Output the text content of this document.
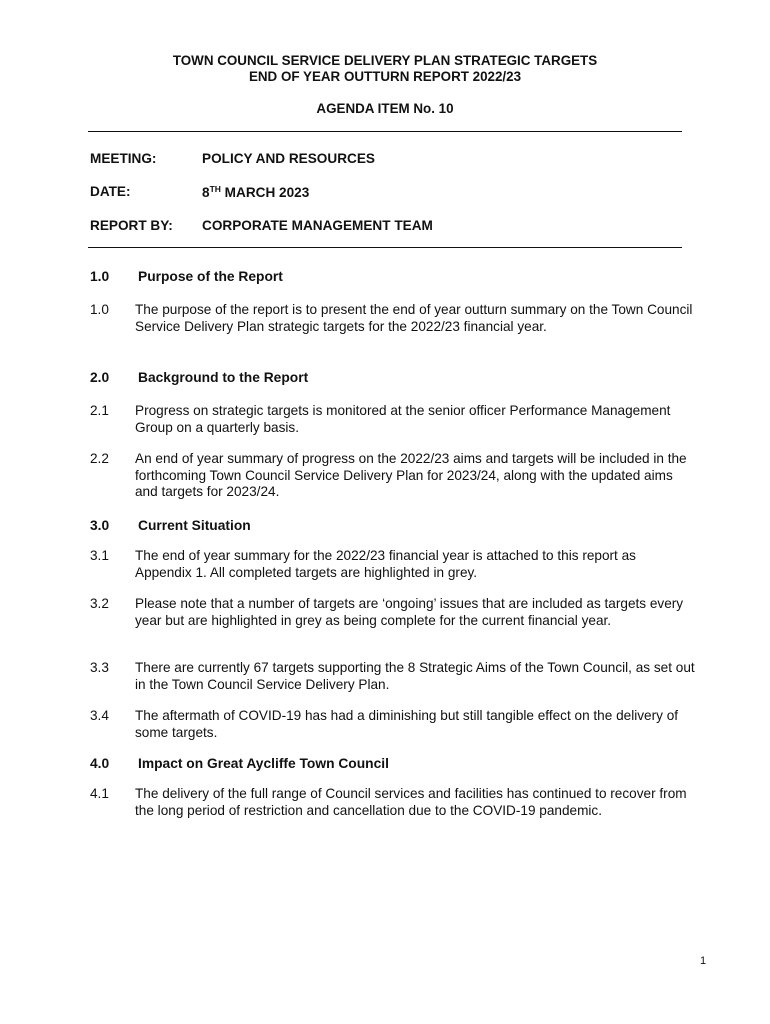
TOWN COUNCIL SERVICE DELIVERY PLAN STRATEGIC TARGETS
END OF YEAR OUTTURN REPORT 2022/23
AGENDA ITEM No. 10
MEETING:	POLICY AND RESOURCES
DATE:	8TH MARCH 2023
REPORT BY: CORPORATE MANAGEMENT TEAM
1.0 Purpose of the Report
1.0 The purpose of the report is to present the end of year outturn summary on the Town Council Service Delivery Plan strategic targets for the 2022/23 financial year.
2.0 Background to the Report
2.1 Progress on strategic targets is monitored at the senior officer Performance Management Group on a quarterly basis.
2.2 An end of year summary of progress on the 2022/23 aims and targets will be included in the forthcoming Town Council Service Delivery Plan for 2023/24, along with the updated aims and targets for 2023/24.
3.0 Current Situation
3.1 The end of year summary for the 2022/23 financial year is attached to this report as Appendix 1. All completed targets are highlighted in grey.
3.2 Please note that a number of targets are ‘ongoing’ issues that are included as targets every year but are highlighted in grey as being complete for the current financial year.
3.3 There are currently 67 targets supporting the 8 Strategic Aims of the Town Council, as set out in the Town Council Service Delivery Plan.
3.4 The aftermath of COVID-19 has had a diminishing but still tangible effect on the delivery of some targets.
4.0 Impact on Great Aycliffe Town Council
4.1 The delivery of the full range of Council services and facilities has continued to recover from the long period of restriction and cancellation due to the COVID-19 pandemic.
1
